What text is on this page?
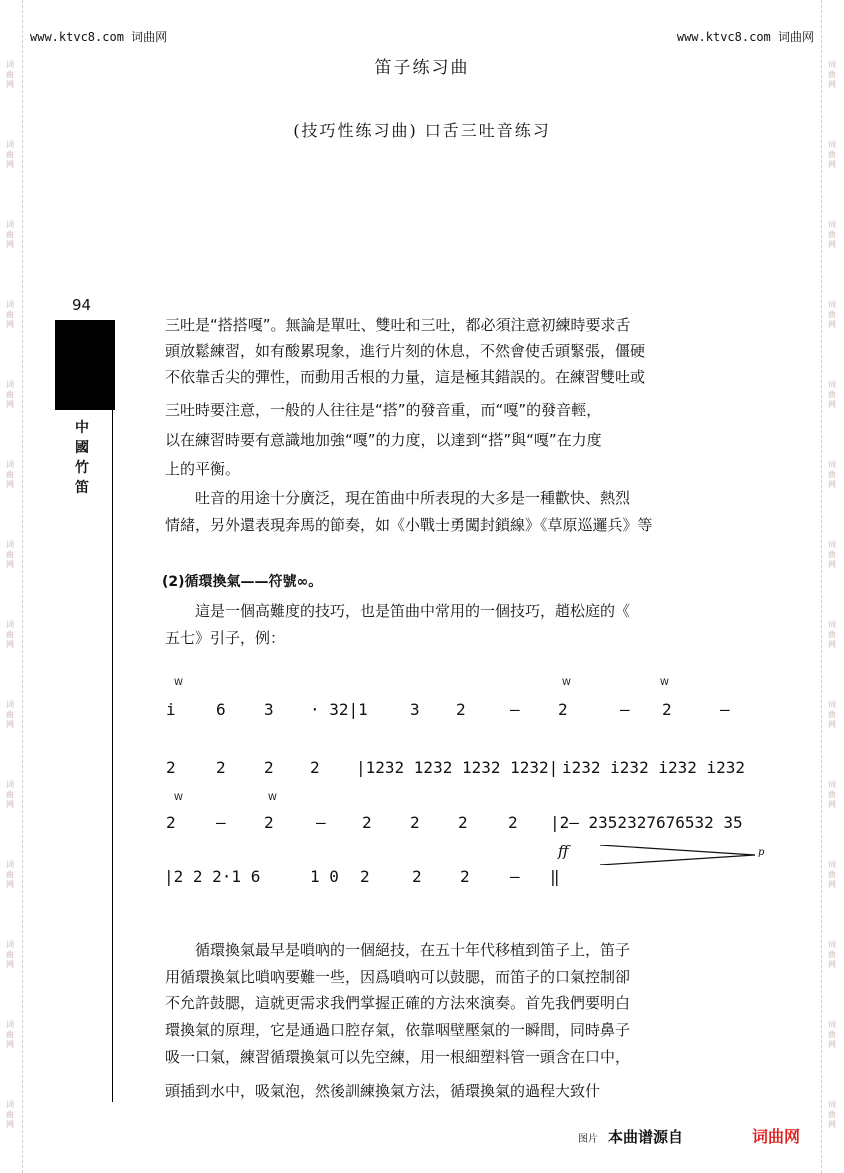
词
曲
网
词
曲
网
词
曲
网
词
曲
网
词
曲
网
词
曲
网
词
曲
网
词
曲
网
词
曲
网
词
曲
网
词
曲
网
词
曲
网
词
曲
网
词
曲
网
词
曲
网
词
曲
网
词
曲
网
词
曲
网
词
曲
网
词
曲
网
词
曲
网
词
曲
网
词
曲
网
词
曲
网
词
曲
网
词
曲
网
词
曲
网
词
曲
网
www.ktvc8.com 词曲网	www.ktvc8.com 词曲网
笛子练习曲
(技巧性练习曲) 口舌三吐音练习
94
中
國
竹
笛
三吐是“搭搭嘎”。無論是單吐、雙吐和三吐，都必須注意初練時要求舌
頭放鬆練習，如有酸累現象，進行片刻的休息，不然會使舌頭緊張，僵硬
不依靠舌尖的彈性，而動用舌根的力量，這是極其錯誤的。在練習雙吐或
三吐時要注意，一般的人往往是“搭”的發音重，而“嘎”的發音輕，
以在練習時要有意識地加強“嘎”的力度，以達到“搭”與“嘎”在力度
上的平衡。
吐音的用途十分廣泛，現在笛曲中所表現的大多是一種歡快、熱烈
情緒，另外還表現奔馬的節奏，如《小戰士勇闖封鎖線》《草原巡邏兵》等
(2)循環換氣——符號∞。
這是一個高難度的技巧，也是笛曲中常用的一個技巧，趙松庭的《
五七》引子，例：
W
i	6 3 · 32|1	3 2	—
W
2	—
W
2	—
2	2 2 2 |1232 1232 1232 1232| i232 i232 i232 i232
W
2	—
W
2	— 2 2 2	2 |2— 2352327676532 35
ff	p
|2 2 2·1 6	1 0 2	2 2	— ‖
循環換氣最早是嗩吶的一個絕技，在五十年代移植到笛子上，笛子
用循環換氣比嗩吶要難一些，因爲嗩吶可以鼓腮，而笛子的口氣控制卻
不允許鼓腮，這就更需求我們掌握正確的方法來演奏。首先我們要明白
環換氣的原理，它是通過口腔存氣，依靠咽壁壓氣的一瞬間，同時鼻子
吸一口氣，練習循環換氣可以先空練，用一根細塑料管一頭含在口中，
頭插到水中，吸氣泡，然後訓練換氣方法，循環換氣的過程大致什
图片 本曲谱源自	词曲网
